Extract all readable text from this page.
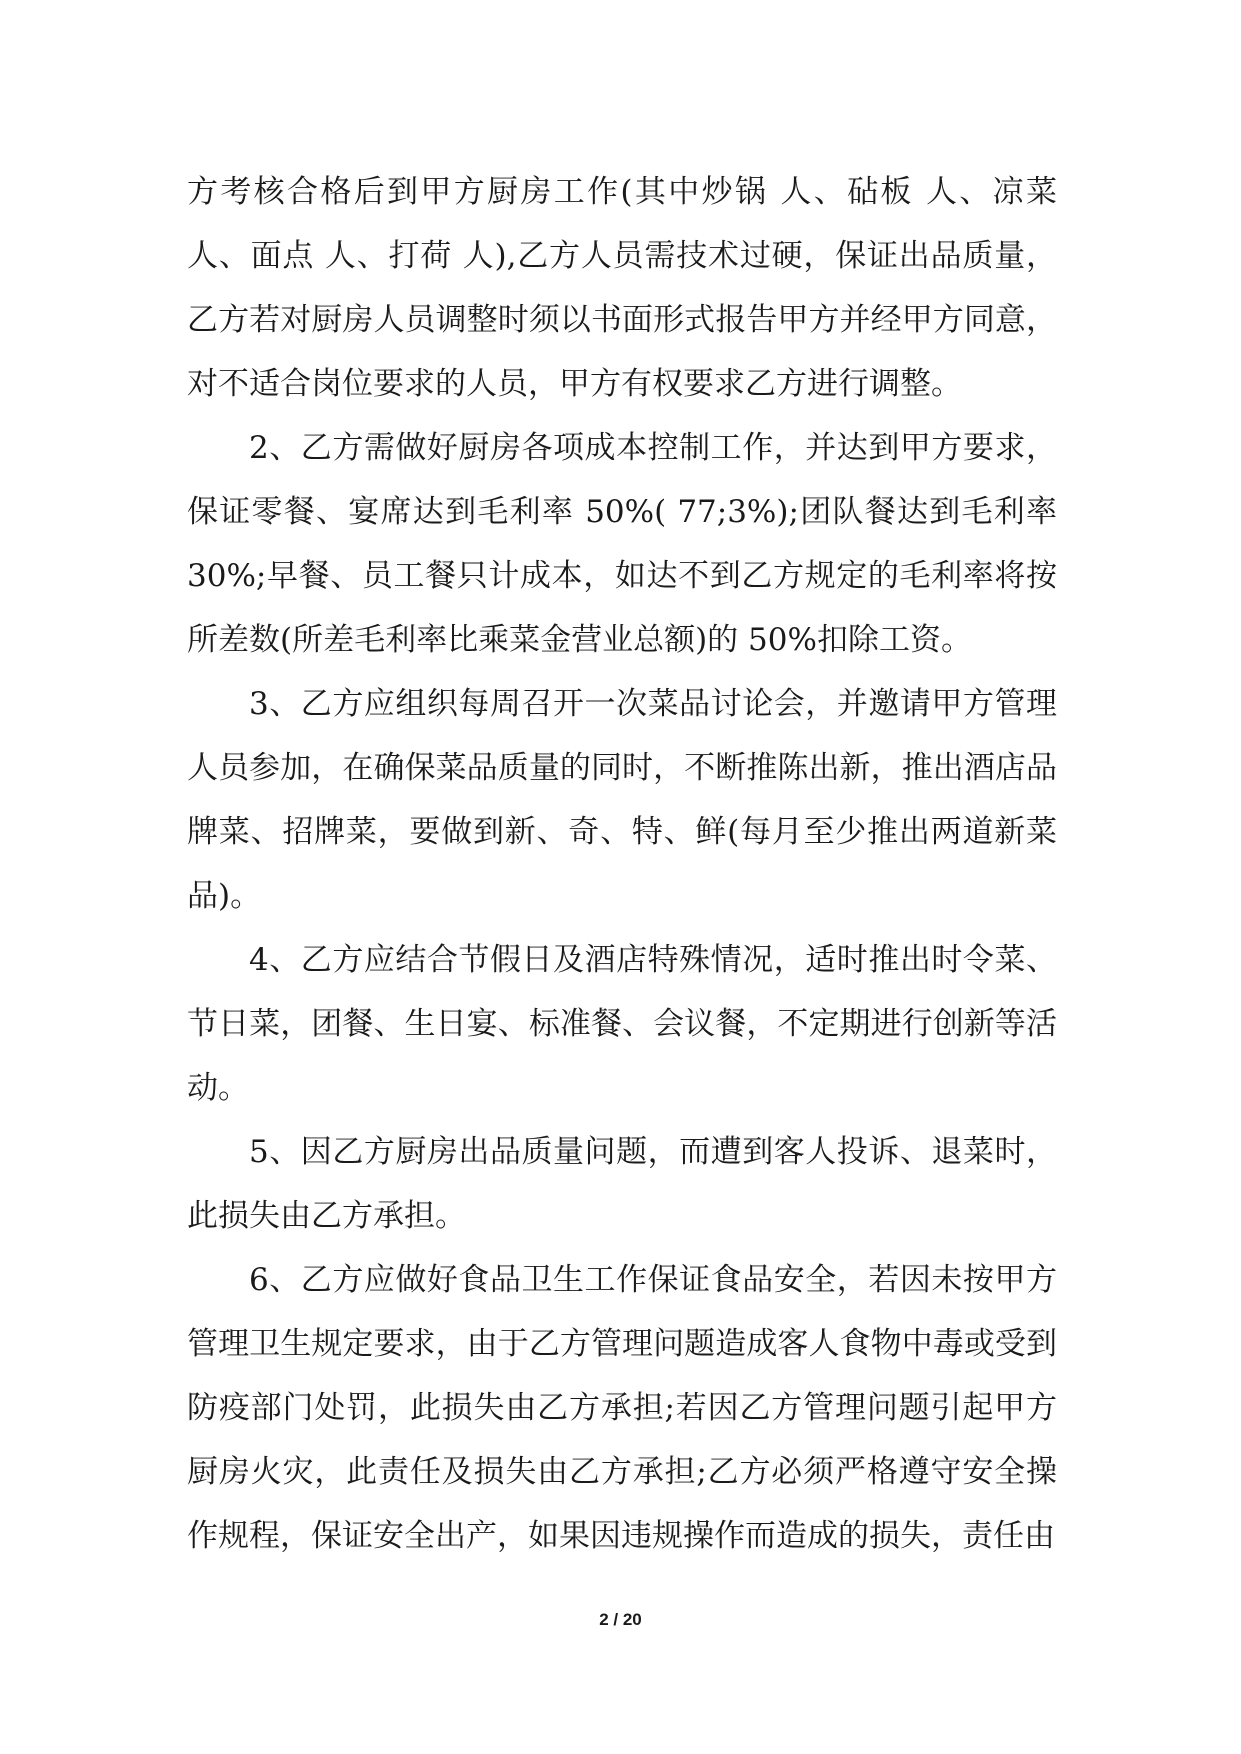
方考核合格后到甲方厨房工作(其中炒锅 人、砧板 人、凉菜 人、面点 人、打荷 人),乙方人员需技术过硬，保证出品质量，乙方若对厨房人员调整时须以书面形式报告甲方并经甲方同意，对不适合岗位要求的人员，甲方有权要求乙方进行调整。

2、乙方需做好厨房各项成本控制工作，并达到甲方要求，保证零餐、宴席达到毛利率 50%( 77;3%);团队餐达到毛利率30%;早餐、员工餐只计成本，如达不到乙方规定的毛利率将按所差数(所差毛利率比乘菜金营业总额)的 50%扣除工资。

3、乙方应组织每周召开一次菜品讨论会，并邀请甲方管理人员参加，在确保菜品质量的同时，不断推陈出新，推出酒店品牌菜、招牌菜，要做到新、奇、特、鲜(每月至少推出两道新菜品)。

4、乙方应结合节假日及酒店特殊情况，适时推出时令菜、节日菜，团餐、生日宴、标准餐、会议餐，不定期进行创新等活动。

5、因乙方厨房出品质量问题，而遭到客人投诉、退菜时，此损失由乙方承担。

6、乙方应做好食品卫生工作保证食品安全，若因未按甲方管理卫生规定要求，由于乙方管理问题造成客人食物中毒或受到防疫部门处罚，此损失由乙方承担;若因乙方管理问题引起甲方厨房火灾，此责任及损失由乙方承担;乙方必须严格遵守安全操作规程，保证安全出产，如果因违规操作而造成的损失，责任由

2 / 20
